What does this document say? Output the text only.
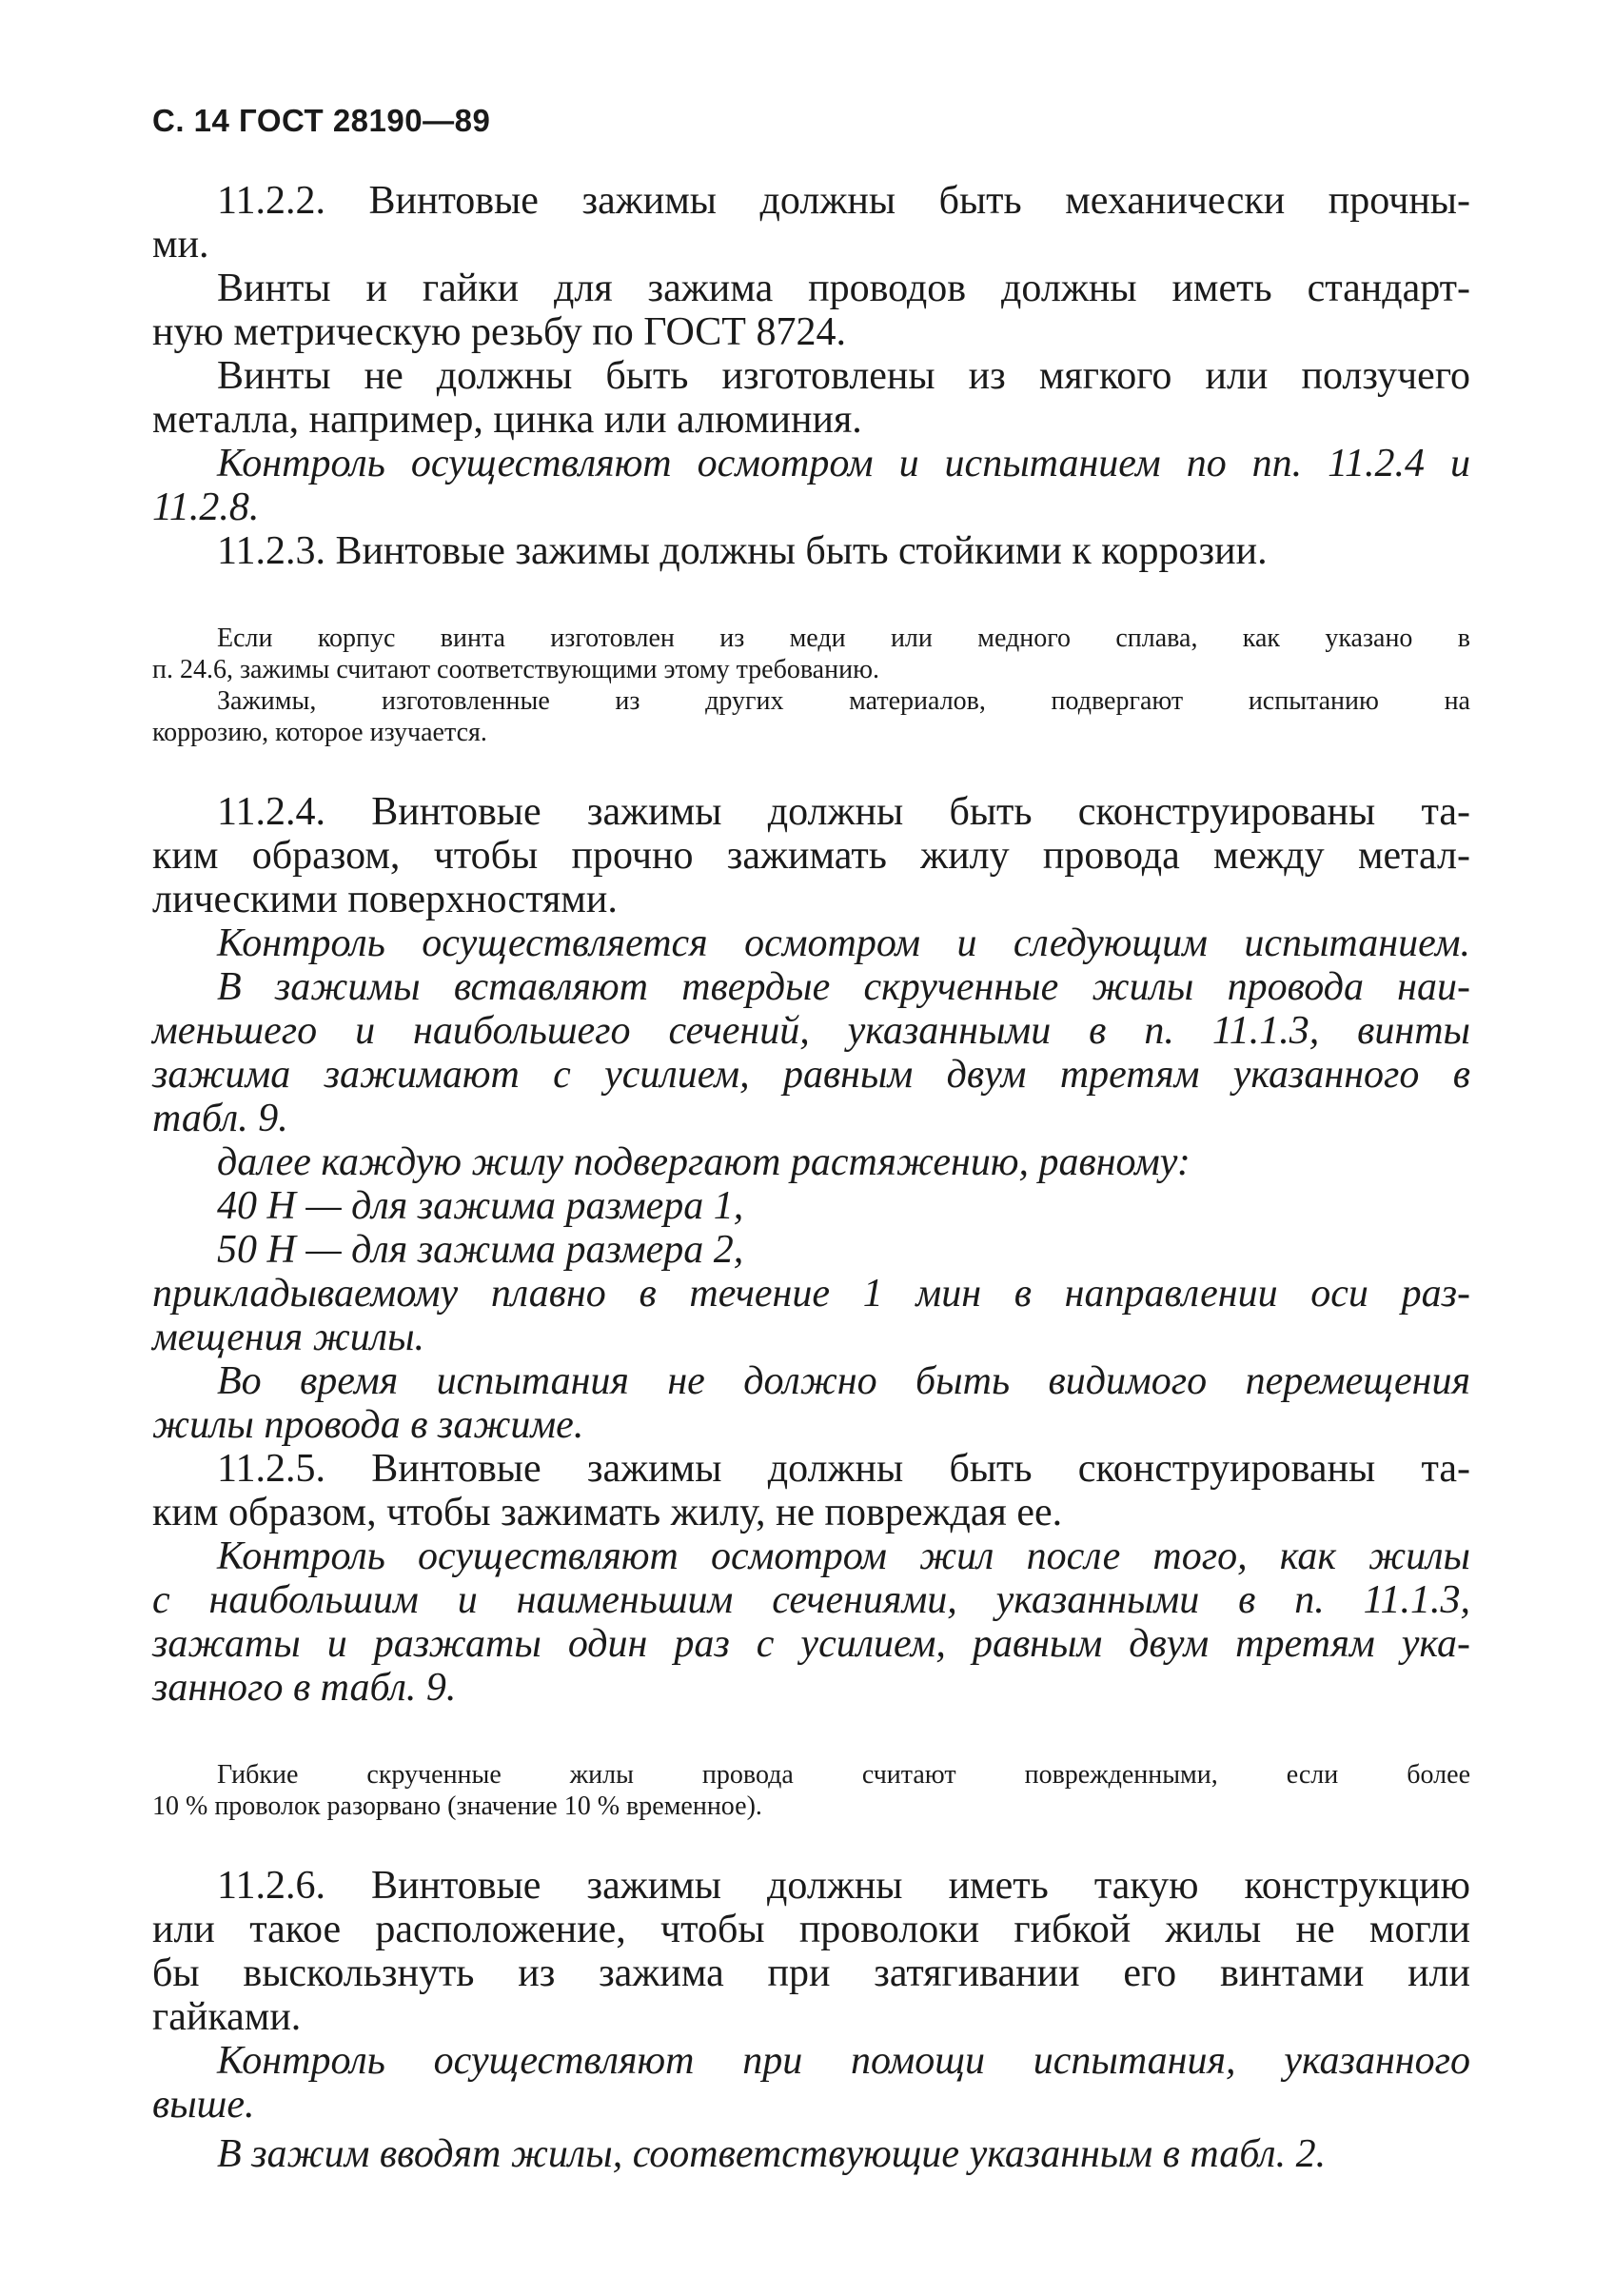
С. 14 ГОСТ 28190—89

11.2.2. Винтовые зажимы должны быть механически прочны-

ми.

Винты и гайки для зажима проводов должны иметь стандарт-

ную метрическую резьбу по ГОСТ 8724.

Винты не должны быть изготовлены из мягкого или ползучего

металла, например, цинка или алюминия.

Контроль осуществляют осмотром и испытанием по пп. 11.2.4 и

11.2.8.

11.2.3. Винтовые зажимы должны быть стойкими к коррозии.

Если корпус винта изготовлен из меди или медного сплава, как указано в

п. 24.6, зажимы считают соответствующими этому требованию.

Зажимы, изготовленные из других материалов, подвергают испытанию на

коррозию, которое изучается.

11.2.4. Винтовые зажимы должны быть сконструированы та-

ким образом, чтобы прочно зажимать жилу провода между метал-

лическими поверхностями.

Контроль осуществляется осмотром и следующим испытанием.

В зажимы вставляют твердые скрученные жилы провода наи-

меньшего и наибольшего сечений, указанными в п. 11.1.3, винты

зажима зажимают с усилием, равным двум третям указанного в

табл. 9.

далее каждую жилу подвергают растяжению, равному:

40 Н — для зажима размера 1,

50 Н — для зажима размера 2,

прикладываемому плавно в течение 1 мин в направлении оси раз-

мещения жилы.

Во время испытания не должно быть видимого перемещения

жилы провода в зажиме.

11.2.5. Винтовые зажимы должны быть сконструированы та-

ким образом, чтобы зажимать жилу, не повреждая ее.

Контроль осуществляют осмотром жил после того, как жилы

с наибольшим и наименьшим сечениями, указанными в п. 11.1.3,

зажаты и разжаты один раз с усилием, равным двум третям ука-

занного в табл. 9.

Гибкие скрученные жилы провода считают поврежденными, если более

10 % проволок разорвано (значение 10 % временное).

11.2.6. Винтовые зажимы должны иметь такую конструкцию

или такое расположение, чтобы проволоки гибкой жилы не могли

бы выскользнуть из зажима при затягивании его винтами или

гайками.

Контроль осуществляют при помощи испытания, указанного

выше.

В зажим вводят жилы, соответствующие указанным в табл. 2.
